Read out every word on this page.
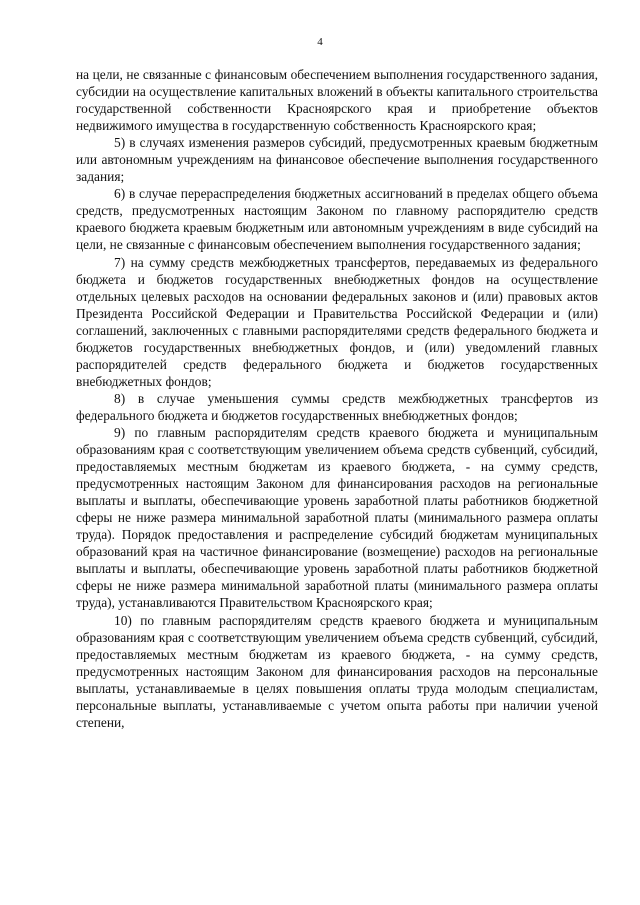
4

на цели, не связанные с финансовым обеспечением выполнения государственного задания, субсидии на осуществление капитальных вложений в объекты капитального строительства государственной собственности Красноярского края и приобретение объектов недвижимого имущества в государственную собственность Красноярского края;

5) в случаях изменения размеров субсидий, предусмотренных краевым бюджетным или автономным учреждениям на финансовое обеспечение выполнения государственного задания;

6) в случае перераспределения бюджетных ассигнований в пределах общего объема средств, предусмотренных настоящим Законом по главному распорядителю средств краевого бюджета краевым бюджетным или автономным учреждениям в виде субсидий на цели, не связанные с финансовым обеспечением выполнения государственного задания;

7) на сумму средств межбюджетных трансфертов, передаваемых из федерального бюджета и бюджетов государственных внебюджетных фондов на осуществление отдельных целевых расходов на основании федеральных законов и (или) правовых актов Президента Российской Федерации и Правительства Российской Федерации и (или) соглашений, заключенных с главными распорядителями средств федерального бюджета и бюджетов государственных внебюджетных фондов, и (или) уведомлений главных распорядителей средств федерального бюджета и бюджетов государственных внебюджетных фондов;

8) в случае уменьшения суммы средств межбюджетных трансфертов из федерального бюджета и бюджетов государственных внебюджетных фондов;

9) по главным распорядителям средств краевого бюджета и муниципальным образованиям края с соответствующим увеличением объема средств субвенций, субсидий, предоставляемых местным бюджетам из краевого бюджета, - на сумму средств, предусмотренных настоящим Законом для финансирования расходов на региональные выплаты и выплаты, обеспечивающие уровень заработной платы работников бюджетной сферы не ниже размера минимальной заработной платы (минимального размера оплаты труда). Порядок предоставления и распределение субсидий бюджетам муниципальных образований края на частичное финансирование (возмещение) расходов на региональные выплаты и выплаты, обеспечивающие уровень заработной платы работников бюджетной сферы не ниже размера минимальной заработной платы (минимального размера оплаты труда), устанавливаются Правительством Красноярского края;

10) по главным распорядителям средств краевого бюджета и муниципальным образованиям края с соответствующим увеличением объема средств субвенций, субсидий, предоставляемых местным бюджетам из краевого бюджета, - на сумму средств, предусмотренных настоящим Законом для финансирования расходов на персональные выплаты, устанавливаемые в целях повышения оплаты труда молодым специалистам, персональные выплаты, устанавливаемые с учетом опыта работы при наличии ученой степени,
